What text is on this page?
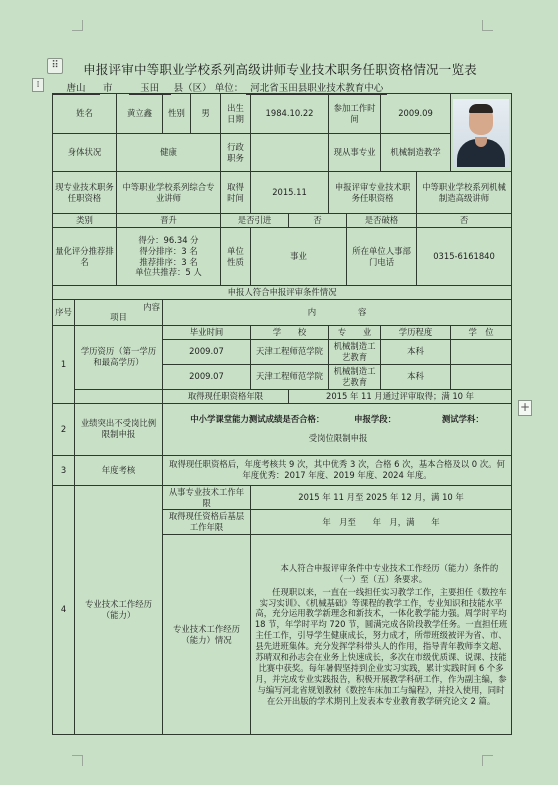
⠿
⁞
+
申报评审中等职业学校系列高级讲师专业技术职务任职资格情况一览表
唐山 市	玉田 县（区） 单位： 河北省玉田县职业技术教育中心
姓名		黄立鑫	性别	男	出生日期	1984.10.22		参加工作时间		2009.09		

身体状况		健康			行政职务			现从事专业		机械制造教学		
现专业技术职务任职资格		中等职业学校系列综合专业讲师			取得时间	2015.11		申报评审专业技术职务任职资格			中等职业学校系列机械制造高级讲师	
类别		晋升			是否引进		否		是否破格		否	
量化评分推荐排名		得分：96.34 分
得分排序：3 名
推荐排序：3 名
单位共推荐：5 人			单位性质	事业			所在单位人事部门电话		0315-6161840	
申报人符合申报评审条件情况												
序号	内容
项目		内　　　　　容									
1	学历资历（第一学历和最高学历）		毕业时间			学　　校		专　　业		学历程度		学　位
			2009.07			天津工程师范学院		机械制造工艺教育		本科		
			2009.07			天津工程师范学院		机械制造工艺教育		本科		
			取得现任职资格年限				2015 年 11 月通过评审取得；满 10 年					
2	业绩突出不受岗比例限制申报		中小学课堂能力测试成绩是否合格： 申报学段： 测试学科：
受岗位限制申报									

3	年度考核		取得现任职资格后，年度考核共 9 次，其中优秀 3 次，合格 6 次，基本合格及以 0 次。何年度优秀：2017 年度、2019 年度、2024 年度。									
4	专业技术工作经历（能力）		从事专业技术工作年限			2015 年 11 月至 2025 年 12 月，满 10 年						
			取得现任资格后基层工作年限			年　月至　　年　月，满　　年						
			专业技术工作经历（能力）情况			本人符合申报评审条件中专业技术工作经历（能力）条件的（一）至（五）条要求。
任现职以来，一直在一线担任实习教学工作，主要担任《数控车实习实训》、《机械基础》等课程的教学工作，专业知识和技能水平高，充分运用教学新理念和新技术，一体化教学能力强。周学时平均 18 节，年学时平均 720 节，圆满完成各阶段教学任务。一直担任班主任工作，引导学生健康成长，努力成才，所带班级被评为省、市、县先进班集体。充分发挥学科带头人的作用，指导青年教师李文超、苏晴双和孙志会在业务上快速成长，多次在市级优质课、说课、技能比赛中获奖。每年暑假坚持到企业实习实践，累计实践时间 6 个多月，并完成专业实践报告，积极开展教学科研工作，作为副主编，参与编写河北省规划教材《数控车床加工与编程》，并投入使用，同时在公开出版的学术期刊上发表本专业教育教学研究论文 2 篇。						
